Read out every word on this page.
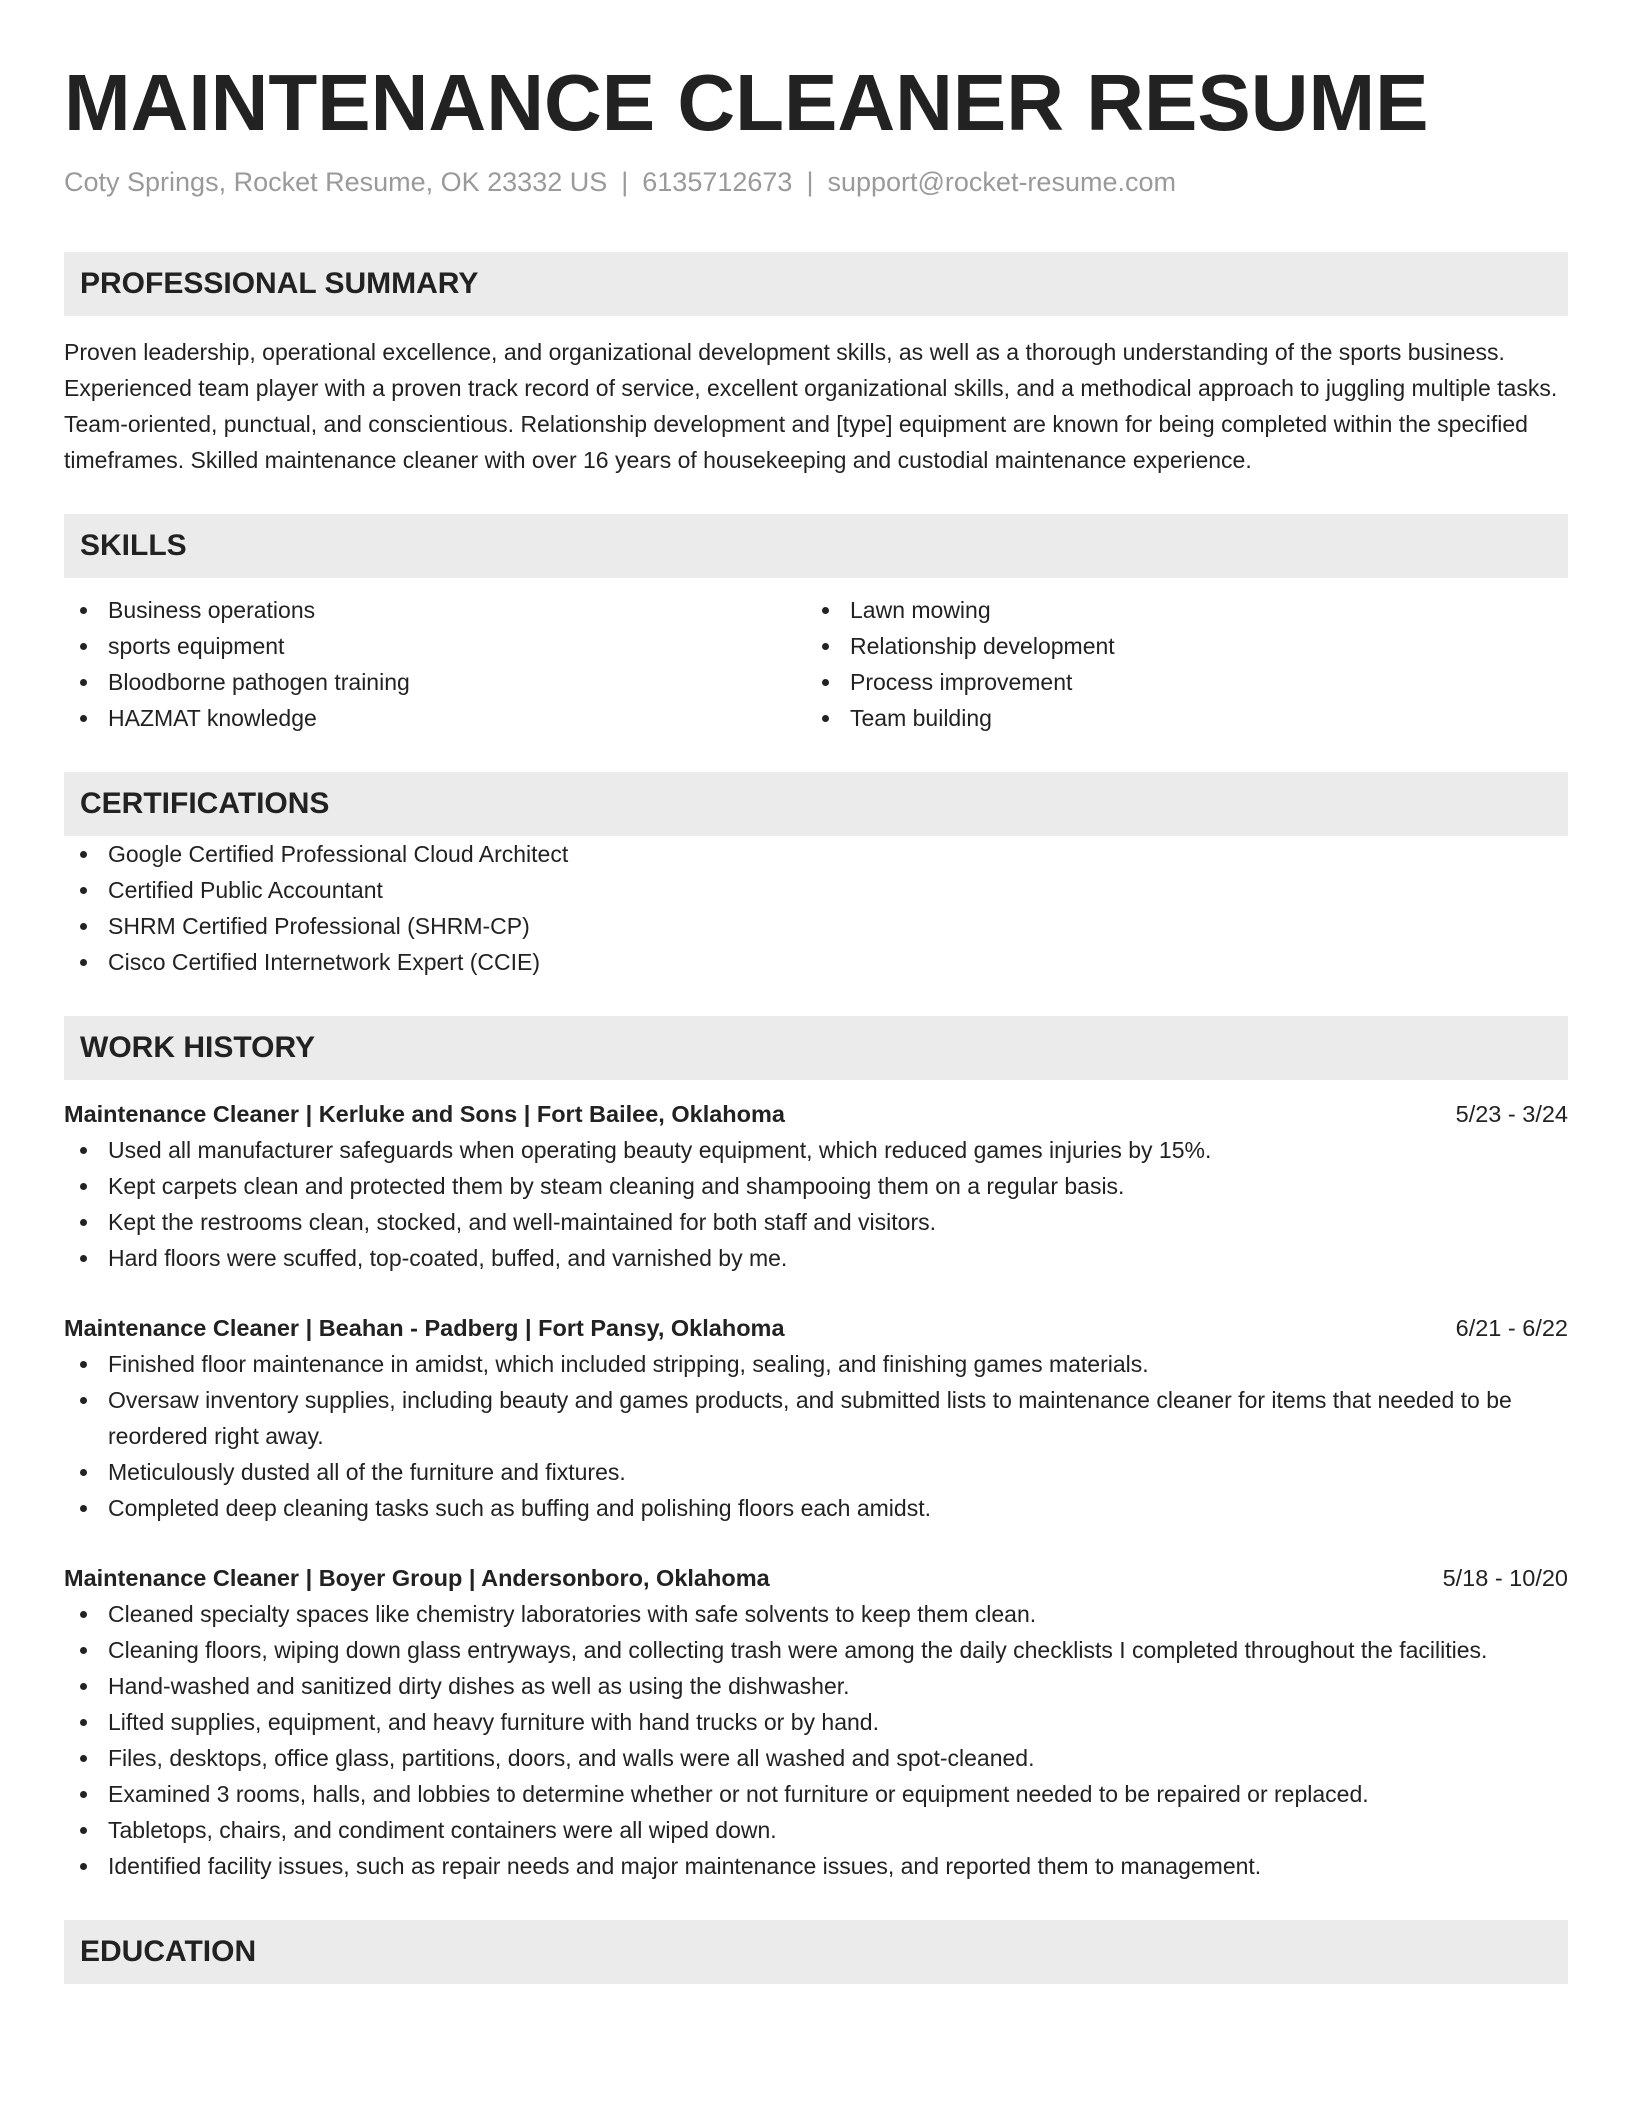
MAINTENANCE CLEANER RESUME
Coty Springs, Rocket Resume, OK 23332 US | 6135712673 | support@rocket-resume.com
PROFESSIONAL SUMMARY

Proven leadership, operational excellence, and organizational development skills, as well as a thorough understanding of the sports business. Experienced team player with a proven track record of service, excellent organizational skills, and a methodical approach to juggling multiple tasks. Team-oriented, punctual, and conscientious. Relationship development and [type] equipment are known for being completed within the specified timeframes. Skilled maintenance cleaner with over 16 years of housekeeping and custodial maintenance experience.

SKILLS
Business operations
sports equipment
Bloodborne pathogen training
HAZMAT knowledge
Lawn mowing
Relationship development
Process improvement
Team building
CERTIFICATIONS
Google Certified Professional Cloud Architect
Certified Public Accountant
SHRM Certified Professional (SHRM-CP)
Cisco Certified Internetwork Expert (CCIE)
WORK HISTORY
Maintenance Cleaner | Kerluke and Sons | Fort Bailee, Oklahoma	5/23 - 3/24
Used all manufacturer safeguards when operating beauty equipment, which reduced games injuries by 15%.
Kept carpets clean and protected them by steam cleaning and shampooing them on a regular basis.
Kept the restrooms clean, stocked, and well-maintained for both staff and visitors.
Hard floors were scuffed, top-coated, buffed, and varnished by me.
Maintenance Cleaner | Beahan - Padberg | Fort Pansy, Oklahoma	6/21 - 6/22
Finished floor maintenance in amidst, which included stripping, sealing, and finishing games materials.
Oversaw inventory supplies, including beauty and games products, and submitted lists to maintenance cleaner for items that needed to be reordered right away.
Meticulously dusted all of the furniture and fixtures.
Completed deep cleaning tasks such as buffing and polishing floors each amidst.
Maintenance Cleaner | Boyer Group | Andersonboro, Oklahoma	5/18 - 10/20
Cleaned specialty spaces like chemistry laboratories with safe solvents to keep them clean.
Cleaning floors, wiping down glass entryways, and collecting trash were among the daily checklists I completed throughout the facilities.
Hand-washed and sanitized dirty dishes as well as using the dishwasher.
Lifted supplies, equipment, and heavy furniture with hand trucks or by hand.
Files, desktops, office glass, partitions, doors, and walls were all washed and spot-cleaned.
Examined 3 rooms, halls, and lobbies to determine whether or not furniture or equipment needed to be repaired or replaced.
Tabletops, chairs, and condiment containers were all wiped down.
Identified facility issues, such as repair needs and major maintenance issues, and reported them to management.
EDUCATION
